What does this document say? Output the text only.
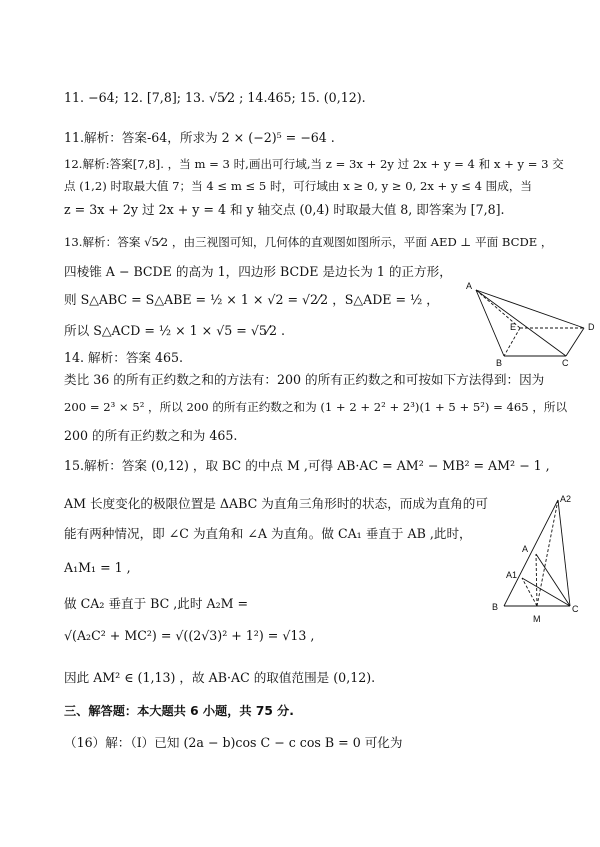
11. −64; 12. [7,8]; 13. √5⁄2 ; 14.465; 15. (0,12).
11.解析：答案-64，所求为 2 × (−2)⁵ = −64 .
12.解析:答案[7,8]. ，当 m = 3 时,画出可行域,当 z = 3x + 2y 过 2x + y = 4 和 x + y = 3 交
点 (1,2) 时取最大值 7；当 4 ≤ m ≤ 5 时，可行域由 x ≥ 0, y ≥ 0, 2x + y ≤ 4 围成，当
z = 3x + 2y 过 2x + y = 4 和 y 轴交点 (0,4) 时取最大值 8, 即答案为 [7,8].
13.解析：答案 √5⁄2 ，由三视图可知，几何体的直观图如图所示，平面 AED ⊥ 平面 BCDE ，
四棱锥 A − BCDE 的高为 1，四边形 BCDE 是边长为 1 的正方形，
则 S△ABC = S△ABE = ½ × 1 × √2 = √2⁄2 ，S△ADE = ½ ，
所以 S△ACD = ½ × 1 × √5 = √5⁄2 .
A
E	D
B	C
14. 解析：答案 465.
类比 36 的所有正约数之和的方法有：200 的所有正约数之和可按如下方法得到：因为
200 = 2³ × 5² ，所以 200 的所有正约数之和为 (1 + 2 + 2² + 2³)(1 + 5 + 5²) = 465 ，所以
200 的所有正约数之和为 465.
15.解析：答案 (0,12) ，取 BC 的中点 M ,可得 AB·AC = AM² − MB² = AM² − 1 ,
AM 长度变化的极限位置是 ΔABC 为直角三角形时的状态，而成为直角的可
能有两种情况，即 ∠C 为直角和 ∠A 为直角。做 CA₁ 垂直于 AB ,此时，
A₁M₁ = 1 ,
做 CA₂ 垂直于 BC ,此时 A₂M =
√(A₂C² + MC²) = √((2√3)² + 1²) = √13 ,
因此 AM² ∈ (1,13) ，故 AB·AC 的取值范围是 (0,12).
A2
A
A1
B
M
C
三、解答题：本大题共 6 小题，共 75 分.
（16）解：（Ⅰ）已知 (2a − b)cos C − c cos B = 0 可化为
